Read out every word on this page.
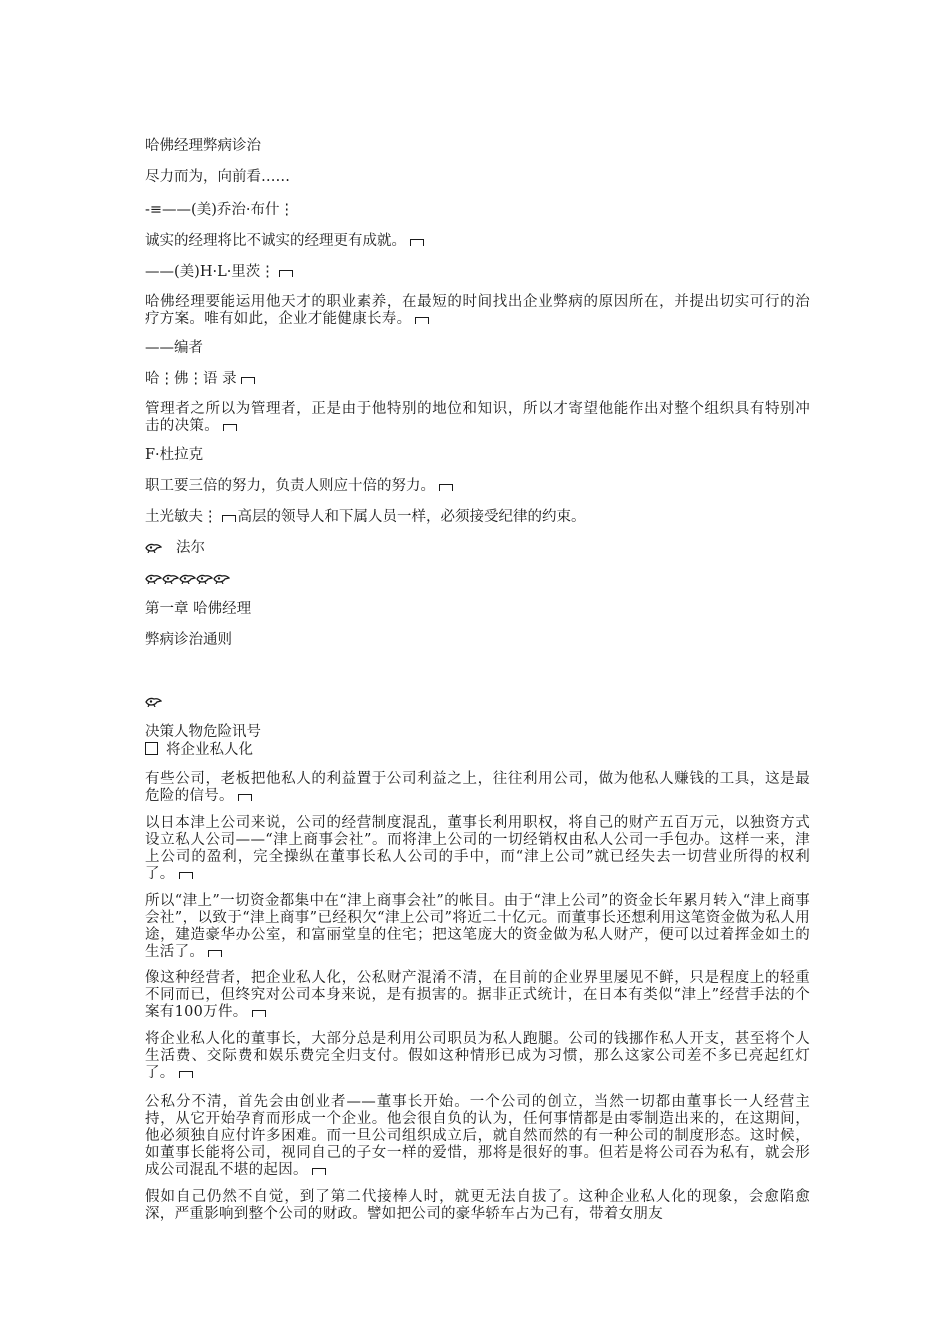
哈佛经理弊病诊治
尽力而为，向前看……
-≡——(美)乔治·布什⋮
诚实的经理将比不诚实的经理更有成就。
——(美)H·L·里茨⋮
哈佛经理要能运用他天才的职业素养，在最短的时间找出企业弊病的原因所在，并提出切实可行的治疗方案。唯有如此，企业才能健康长寿。
——编者
哈⋮佛⋮语 录
管理者之所以为管理者，正是由于他特别的地位和知识，所以才寄望他能作出对整个组织具有特别冲击的决策。
F·杜拉克
职工要三倍的努力，负责人则应十倍的努力。
土光敏夫⋮ 高层的领导人和下属人员一样，必须接受纪律的约束。
法尔
第一章 哈佛经理
弊病诊治通则
决策人物危险讯号
将企业私人化
有些公司，老板把他私人的利益置于公司利益之上，往往利用公司，做为他私人赚钱的工具，这是最危险的信号。
以日本津上公司来说，公司的经营制度混乱，董事长利用职权，将自己的财产五百万元，以独资方式设立私人公司——“津上商事会社”。而将津上公司的一切经销权由私人公司一手包办。这样一来，津上公司的盈利，完全操纵在董事长私人公司的手中，而“津上公司”就已经失去一切营业所得的权利了。
所以“津上”一切资金都集中在“津上商事会社”的帐目。由于“津上公司”的资金长年累月转入“津上商事会社”，以致于“津上商事”已经积欠“津上公司”将近二十亿元。而董事长还想利用这笔资金做为私人用途，建造豪华办公室，和富丽堂皇的住宅；把这笔庞大的资金做为私人财产，便可以过着挥金如土的生活了。
像这种经营者，把企业私人化，公私财产混淆不清，在目前的企业界里屡见不鲜，只是程度上的轻重不同而已，但终究对公司本身来说，是有损害的。据非正式统计，在日本有类似“津上”经营手法的个案有100万件。
将企业私人化的董事长，大部分总是利用公司职员为私人跑腿。公司的钱挪作私人开支，甚至将个人生活费、交际费和娱乐费完全归支付。假如这种情形已成为习惯，那么这家公司差不多已亮起红灯了。
公私分不清，首先会由创业者——董事长开始。一个公司的创立，当然一切都由董事长一人经营主持，从它开始孕育而形成一个企业。他会很自负的认为，任何事情都是由零制造出来的，在这期间，他必须独自应付许多困难。而一旦公司组织成立后，就自然而然的有一种公司的制度形态。这时候，如董事长能将公司，视同自己的子女一样的爱惜，那将是很好的事。但若是将公司吞为私有，就会形成公司混乱不堪的起因。
假如自己仍然不自觉，到了第二代接棒人时，就更无法自拔了。这种企业私人化的现象，会愈陷愈深，严重影响到整个公司的财政。譬如把公司的豪华轿车占为己有，带着女朋友
